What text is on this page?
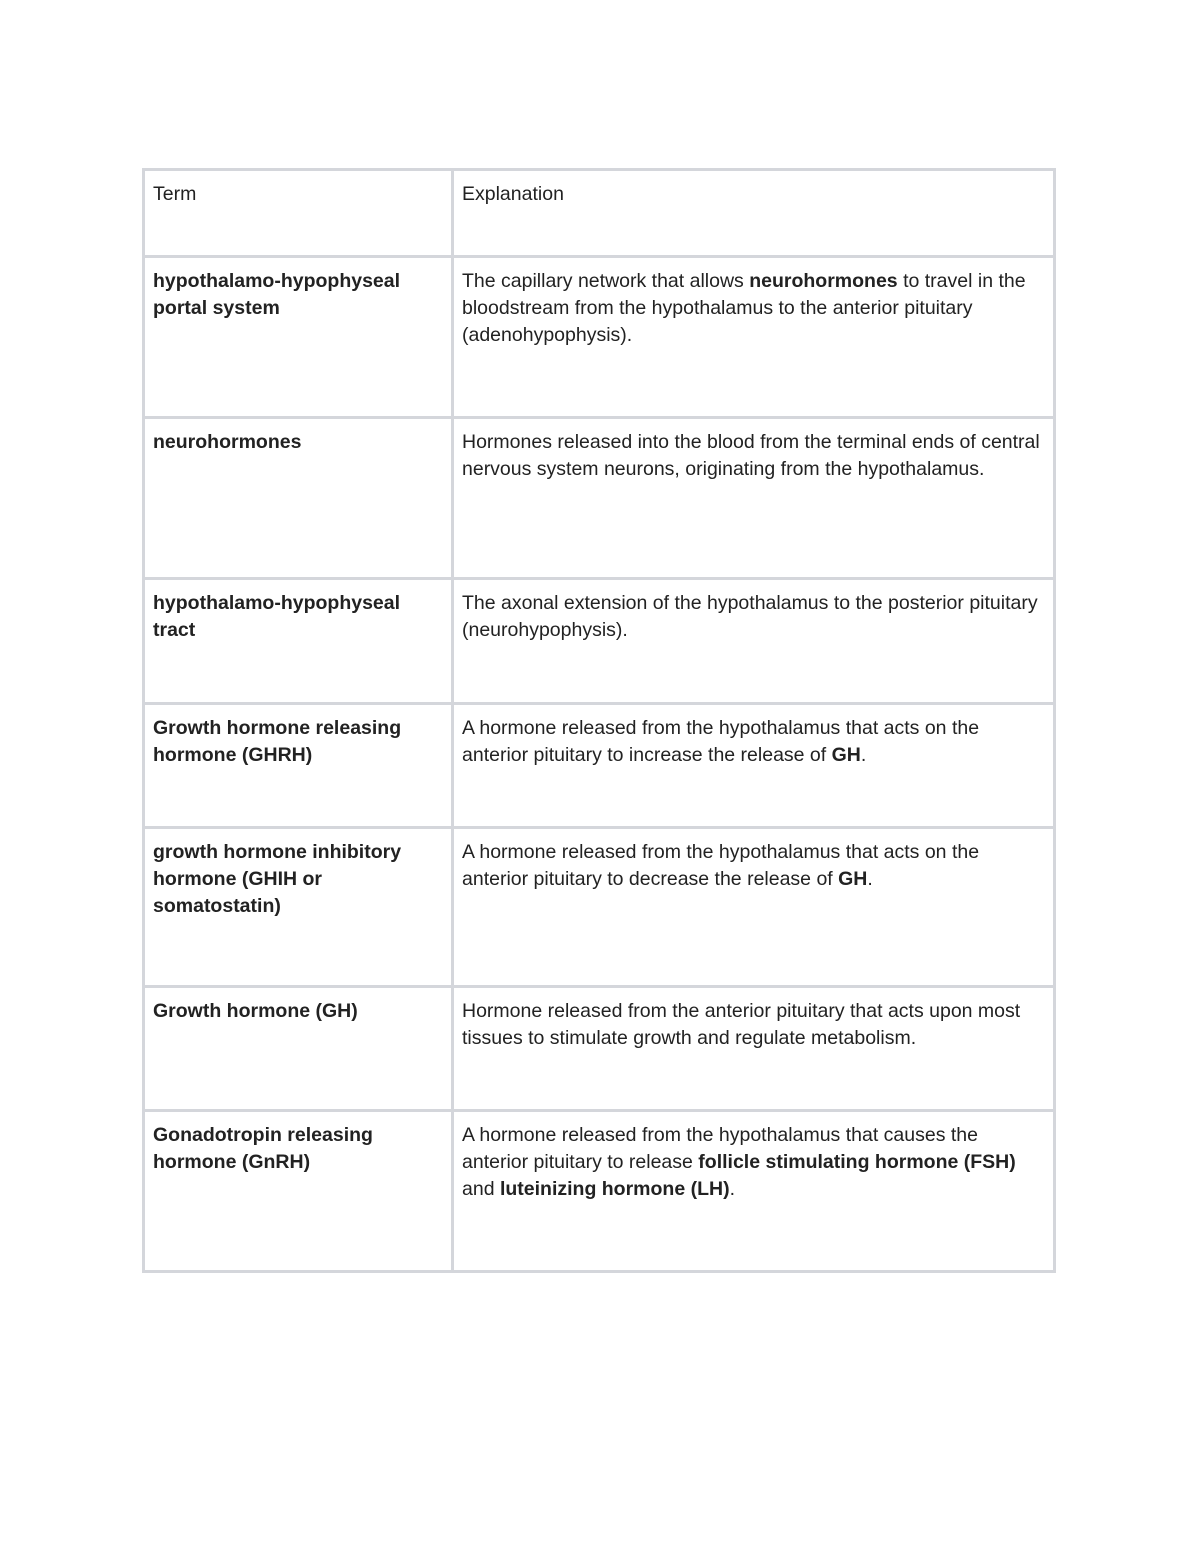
Term	Explanation
hypothalamo-hypophyseal portal system	The capillary network that allows neurohormones to travel in the bloodstream from the hypothalamus to the anterior pituitary (adenohypophysis).
neurohormones	Hormones released into the blood from the terminal ends of central nervous system neurons, originating from the hypothalamus.
hypothalamo-hypophyseal tract	The axonal extension of the hypothalamus to the posterior pituitary (neurohypophysis).
Growth hormone releasing hormone (GHRH)	A hormone released from the hypothalamus that acts on the anterior pituitary to increase the release of GH.
growth hormone inhibitory hormone (GHIH or somatostatin)	A hormone released from the hypothalamus that acts on the anterior pituitary to decrease the release of GH.
Growth hormone (GH)	Hormone released from the anterior pituitary that acts upon most tissues to stimulate growth and regulate metabolism.
Gonadotropin releasing hormone (GnRH)	A hormone released from the hypothalamus that causes the anterior pituitary to release follicle stimulating hormone (FSH) and luteinizing hormone (LH).
